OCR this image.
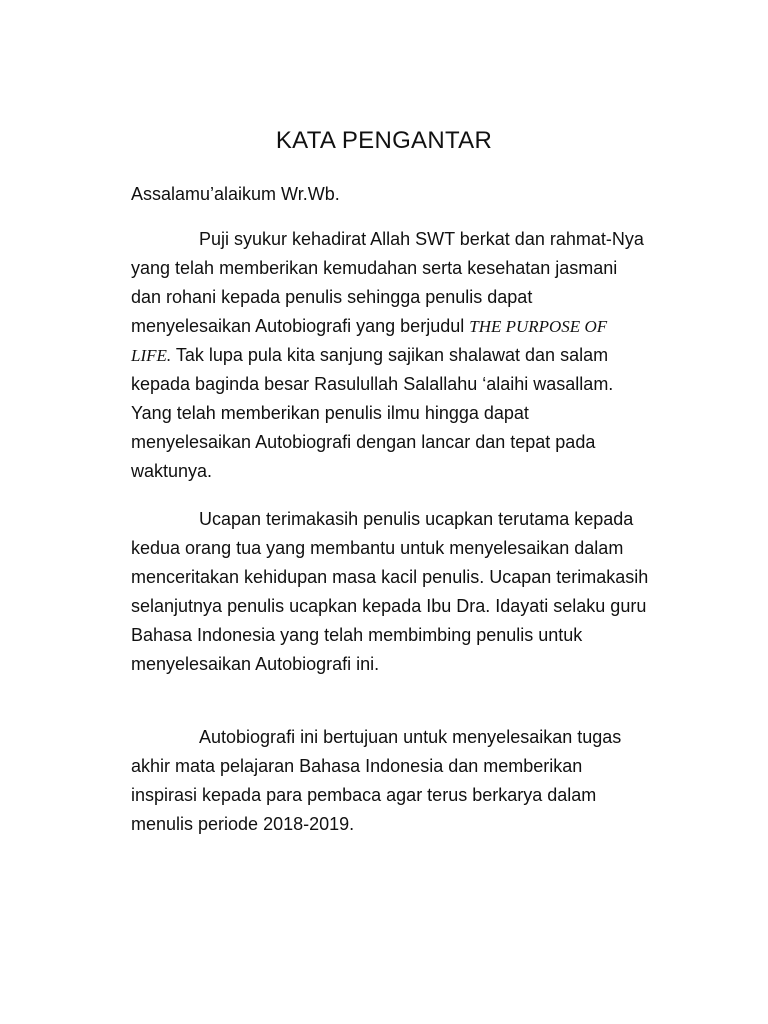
KATA PENGANTAR

Assalamu’alaikum Wr.Wb.

Puji syukur kehadirat Allah SWT berkat dan rahmat-Nya yang telah memberikan kemudahan serta kesehatan jasmani dan rohani kepada penulis sehingga penulis dapat menyelesaikan Autobiografi yang berjudul THE PURPOSE OF LIFE. Tak lupa pula kita sanjung sajikan shalawat dan salam kepada baginda besar Rasulullah Salallahu ‘alaihi wasallam. Yang telah memberikan penulis ilmu hingga dapat menyelesaikan Autobiografi dengan lancar dan tepat pada waktunya.

Ucapan terimakasih penulis ucapkan terutama kepada kedua orang tua yang membantu untuk menyelesaikan dalam menceritakan kehidupan masa kacil penulis. Ucapan terimakasih selanjutnya penulis ucapkan kepada Ibu Dra. Idayati selaku guru Bahasa Indonesia yang telah membimbing penulis untuk menyelesaikan Autobiografi ini.

Autobiografi ini bertujuan untuk menyelesaikan tugas akhir mata pelajaran Bahasa Indonesia dan memberikan inspirasi kepada para pembaca agar terus berkarya dalam menulis periode 2018-2019.
